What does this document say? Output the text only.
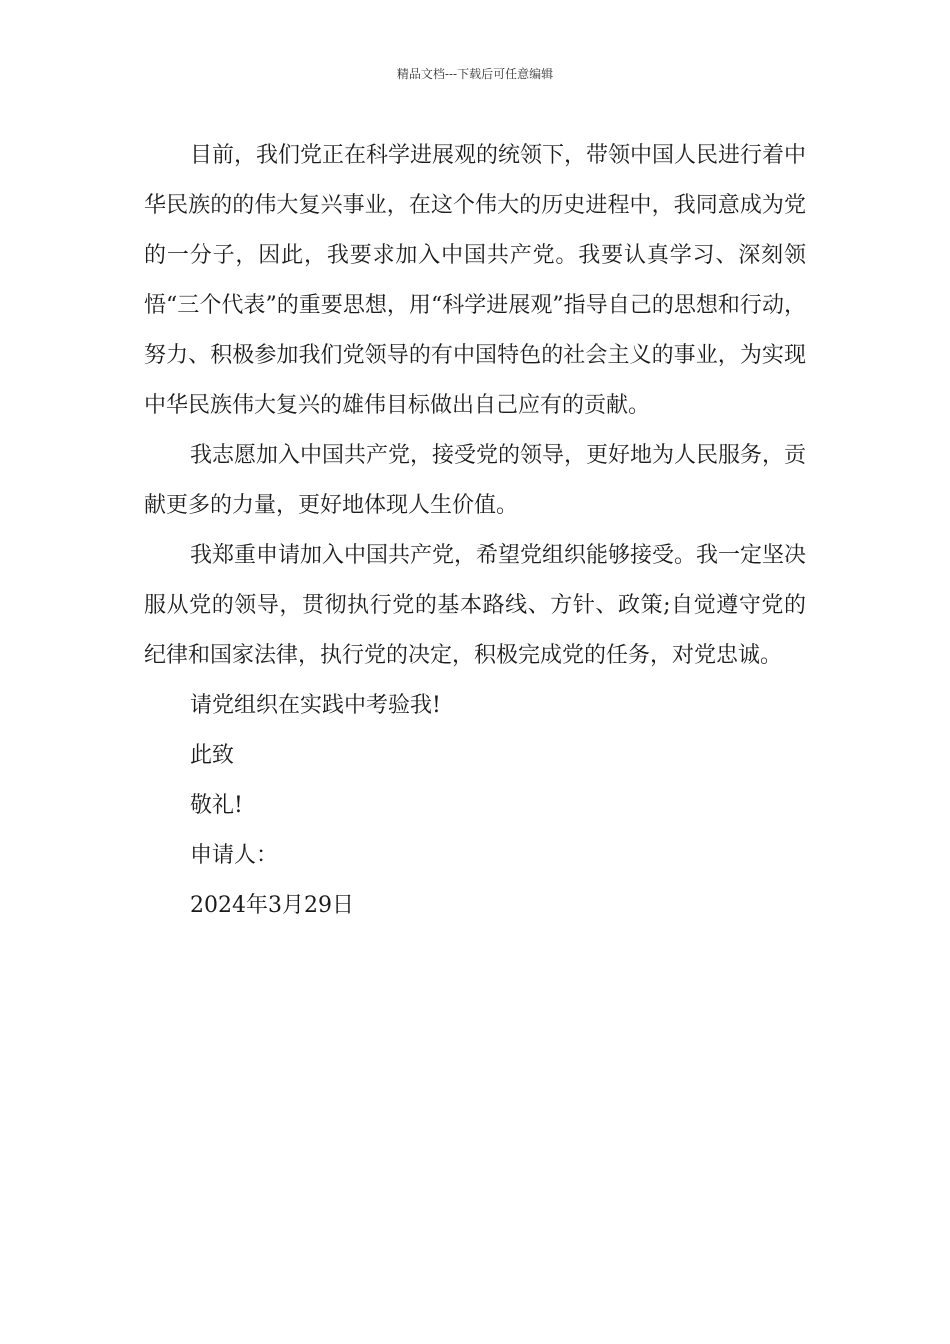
精品文档---下载后可任意编辑

目前，我们党正在科学进展观的统领下，带领中国人民进行着中华民族的的伟大复兴事业，在这个伟大的历史进程中，我同意成为党的一分子，因此，我要求加入中国共产党。我要认真学习、深刻领悟“三个代表”的重要思想，用“科学进展观”指导自己的思想和行动，努力、积极参加我们党领导的有中国特色的社会主义的事业，为实现中华民族伟大复兴的雄伟目标做出自己应有的贡献。

我志愿加入中国共产党，接受党的领导，更好地为人民服务，贡献更多的力量，更好地体现人生价值。

我郑重申请加入中国共产党，希望党组织能够接受。我一定坚决服从党的领导，贯彻执行党的基本路线、方针、政策;自觉遵守党的纪律和国家法律，执行党的决定，积极完成党的任务，对党忠诚。

请党组织在实践中考验我!

此致

敬礼!

申请人：

2024年3月29日
